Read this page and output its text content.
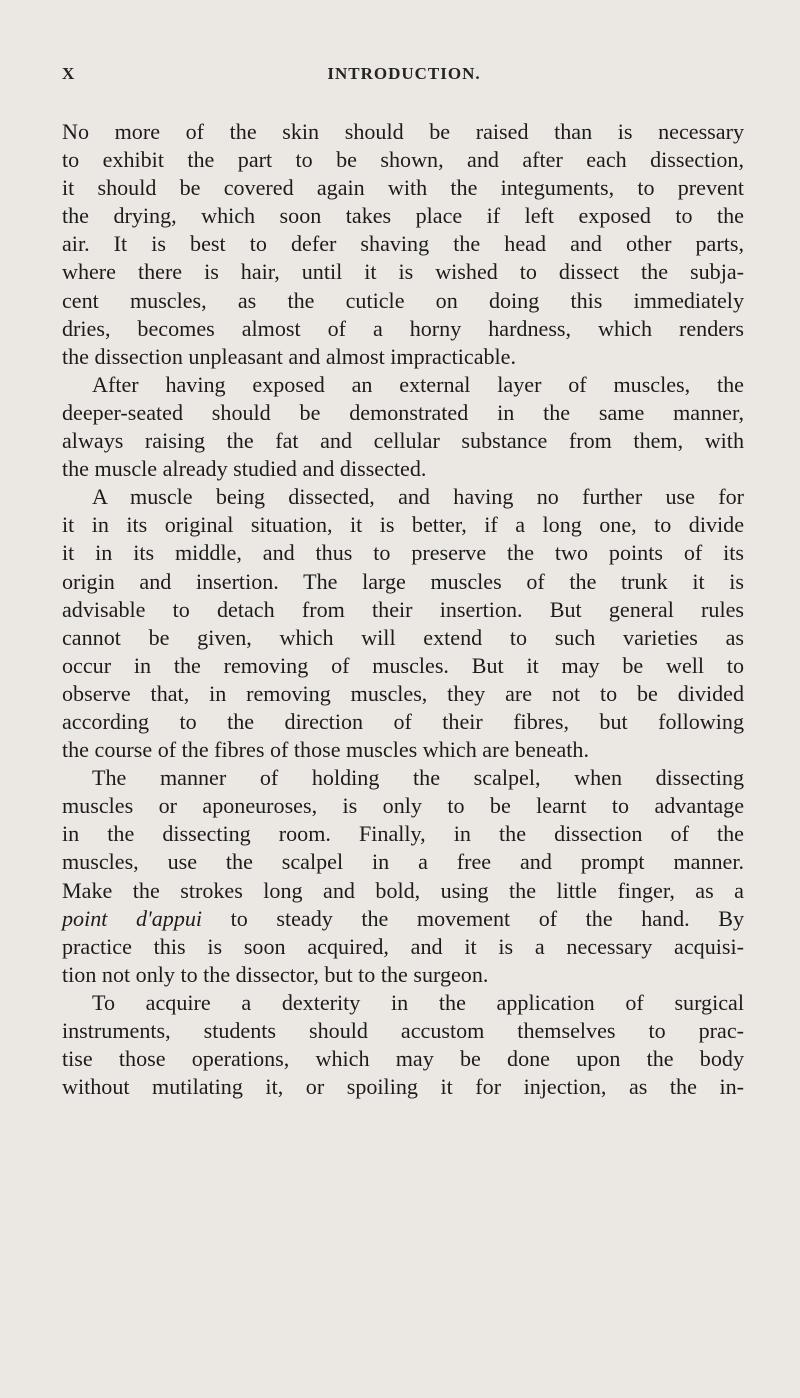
X	INTRODUCTION.
No more of the skin should be raised than is necessary
to exhibit the part to be shown, and after each dissection,
it should be covered again with the integuments, to prevent
the drying, which soon takes place if left exposed to the
air. It is best to defer shaving the head and other parts,
where there is hair, until it is wished to dissect the subja-
cent muscles, as the cuticle on doing this immediately
dries, becomes almost of a horny hardness, which renders
the dissection unpleasant and almost impracticable.
After having exposed an external layer of muscles, the
deeper-seated should be demonstrated in the same manner,
always raising the fat and cellular substance from them, with
the muscle already studied and dissected.
A muscle being dissected, and having no further use for
it in its original situation, it is better, if a long one, to divide
it in its middle, and thus to preserve the two points of its
origin and insertion. The large muscles of the trunk it is
advisable to detach from their insertion. But general rules
cannot be given, which will extend to such varieties as
occur in the removing of muscles. But it may be well to
observe that, in removing muscles, they are not to be divided
according to the direction of their fibres, but following
the course of the fibres of those muscles which are beneath.
The manner of holding the scalpel, when dissecting
muscles or aponeuroses, is only to be learnt to advantage
in the dissecting room. Finally, in the dissection of the
muscles, use the scalpel in a free and prompt manner.
Make the strokes long and bold, using the little finger, as a
point d'appui to steady the movement of the hand. By
practice this is soon acquired, and it is a necessary acquisi-
tion not only to the dissector, but to the surgeon.
To acquire a dexterity in the application of surgical
instruments, students should accustom themselves to prac-
tise those operations, which may be done upon the body
without mutilating it, or spoiling it for injection, as the in-
